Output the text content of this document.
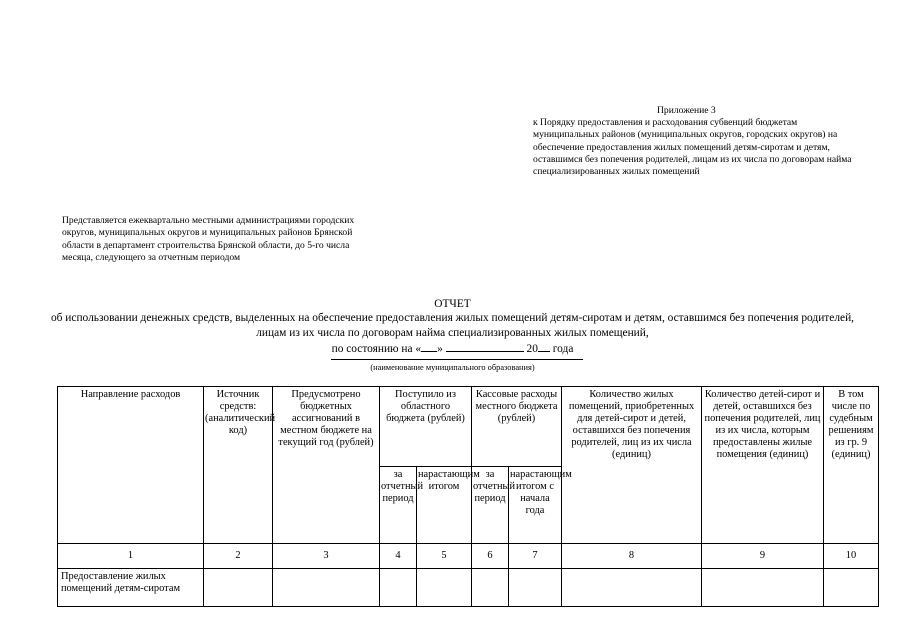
Приложение 3
к Порядку предоставления и расходования субвенций бюджетам муниципальных районов (муниципальных округов, городских округов) на обеспечение предоставления жилых помещений детям-сиротам и детям, оставшимся без попечения родителей, лицам из их числа по договорам найма специализированных жилых помещений
Представляется ежеквартально местными администрациями городских округов, муниципальных округов и муниципальных районов Брянской области в департамент строительства Брянской области, до 5-го числа месяца, следующего за отчетным периодом
ОТЧЕТ
об использовании денежных средств, выделенных на обеспечение предоставления жилых помещений детям-сиротам и детям, оставшимся без попечения родителей, лицам из их числа по договорам найма специализированных жилых помещений,
по состоянию на « »	20 года
(наименование муниципального образования)
Направление расходов	Источник средств: (аналитический код)	Предусмотрено бюджетных ассигнований в местном бюджете на текущий год (рублей)	Поступило из областного бюджета (рублей)		Кассовые расходы местного бюджета (рублей)		Количество жилых помещений, приобретенных для детей-сирот и детей, оставшихся без попечения родителей, лиц из их числа (единиц)	Количество детей-сирот и детей, оставшихся без попечения родителей, лиц из их числа, которым предоставлены жилые помещения (единиц)	В том числе по судебным решениям из гр. 9 (единиц)
			за отчетный период	нарастающим итогом	за отчетный период	нарастающим итогом с начала года			
1	2	3	4	5	6	7	8	9	10
Предоставление жилых помещений детям-сиротам									
